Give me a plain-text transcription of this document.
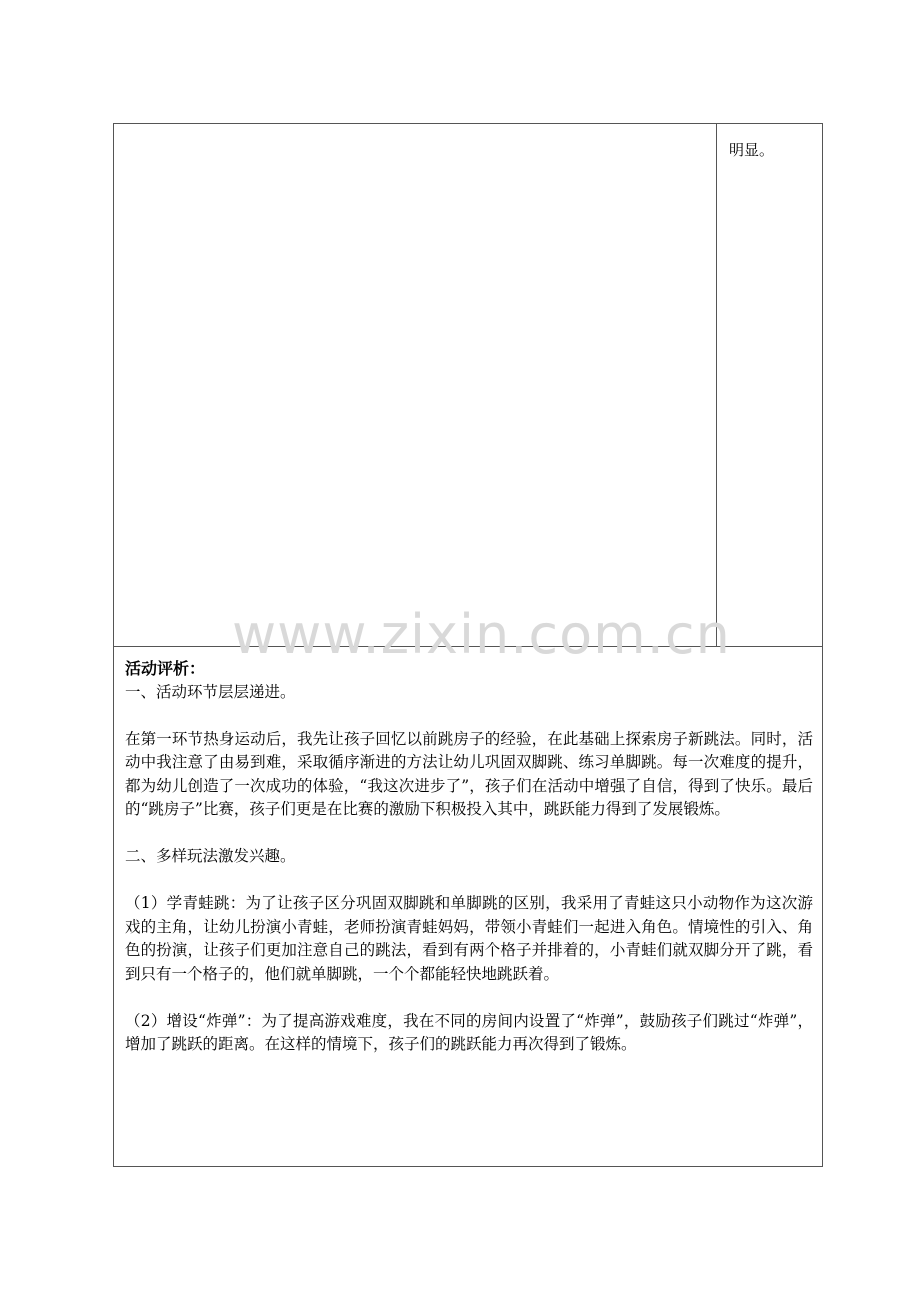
明显。
活动评析：

一、活动环节层层递进。

在第一环节热身运动后，我先让孩子回忆以前跳房子的经验，在此基础上探索房子新跳法。同时，活动中我注意了由易到难，采取循序渐进的方法让幼儿巩固双脚跳、练习单脚跳。每一次难度的提升，都为幼儿创造了一次成功的体验，“我这次进步了”，孩子们在活动中增强了自信，得到了快乐。最后的“跳房子”比赛，孩子们更是在比赛的激励下积极投入其中，跳跃能力得到了发展锻炼。

二、多样玩法激发兴趣。

（1）学青蛙跳：为了让孩子区分巩固双脚跳和单脚跳的区别，我采用了青蛙这只小动物作为这次游戏的主角，让幼儿扮演小青蛙，老师扮演青蛙妈妈，带领小青蛙们一起进入角色。情境性的引入、角色的扮演，让孩子们更加注意自己的跳法，看到有两个格子并排着的，小青蛙们就双脚分开了跳，看到只有一个格子的，他们就单脚跳，一个个都能轻快地跳跃着。

（2）增设“炸弹”：为了提高游戏难度，我在不同的房间内设置了“炸弹”，鼓励孩子们跳过“炸弹”，增加了跳跃的距离。在这样的情境下，孩子们的跳跃能力再次得到了锻炼。

www.zixin.com.cn
